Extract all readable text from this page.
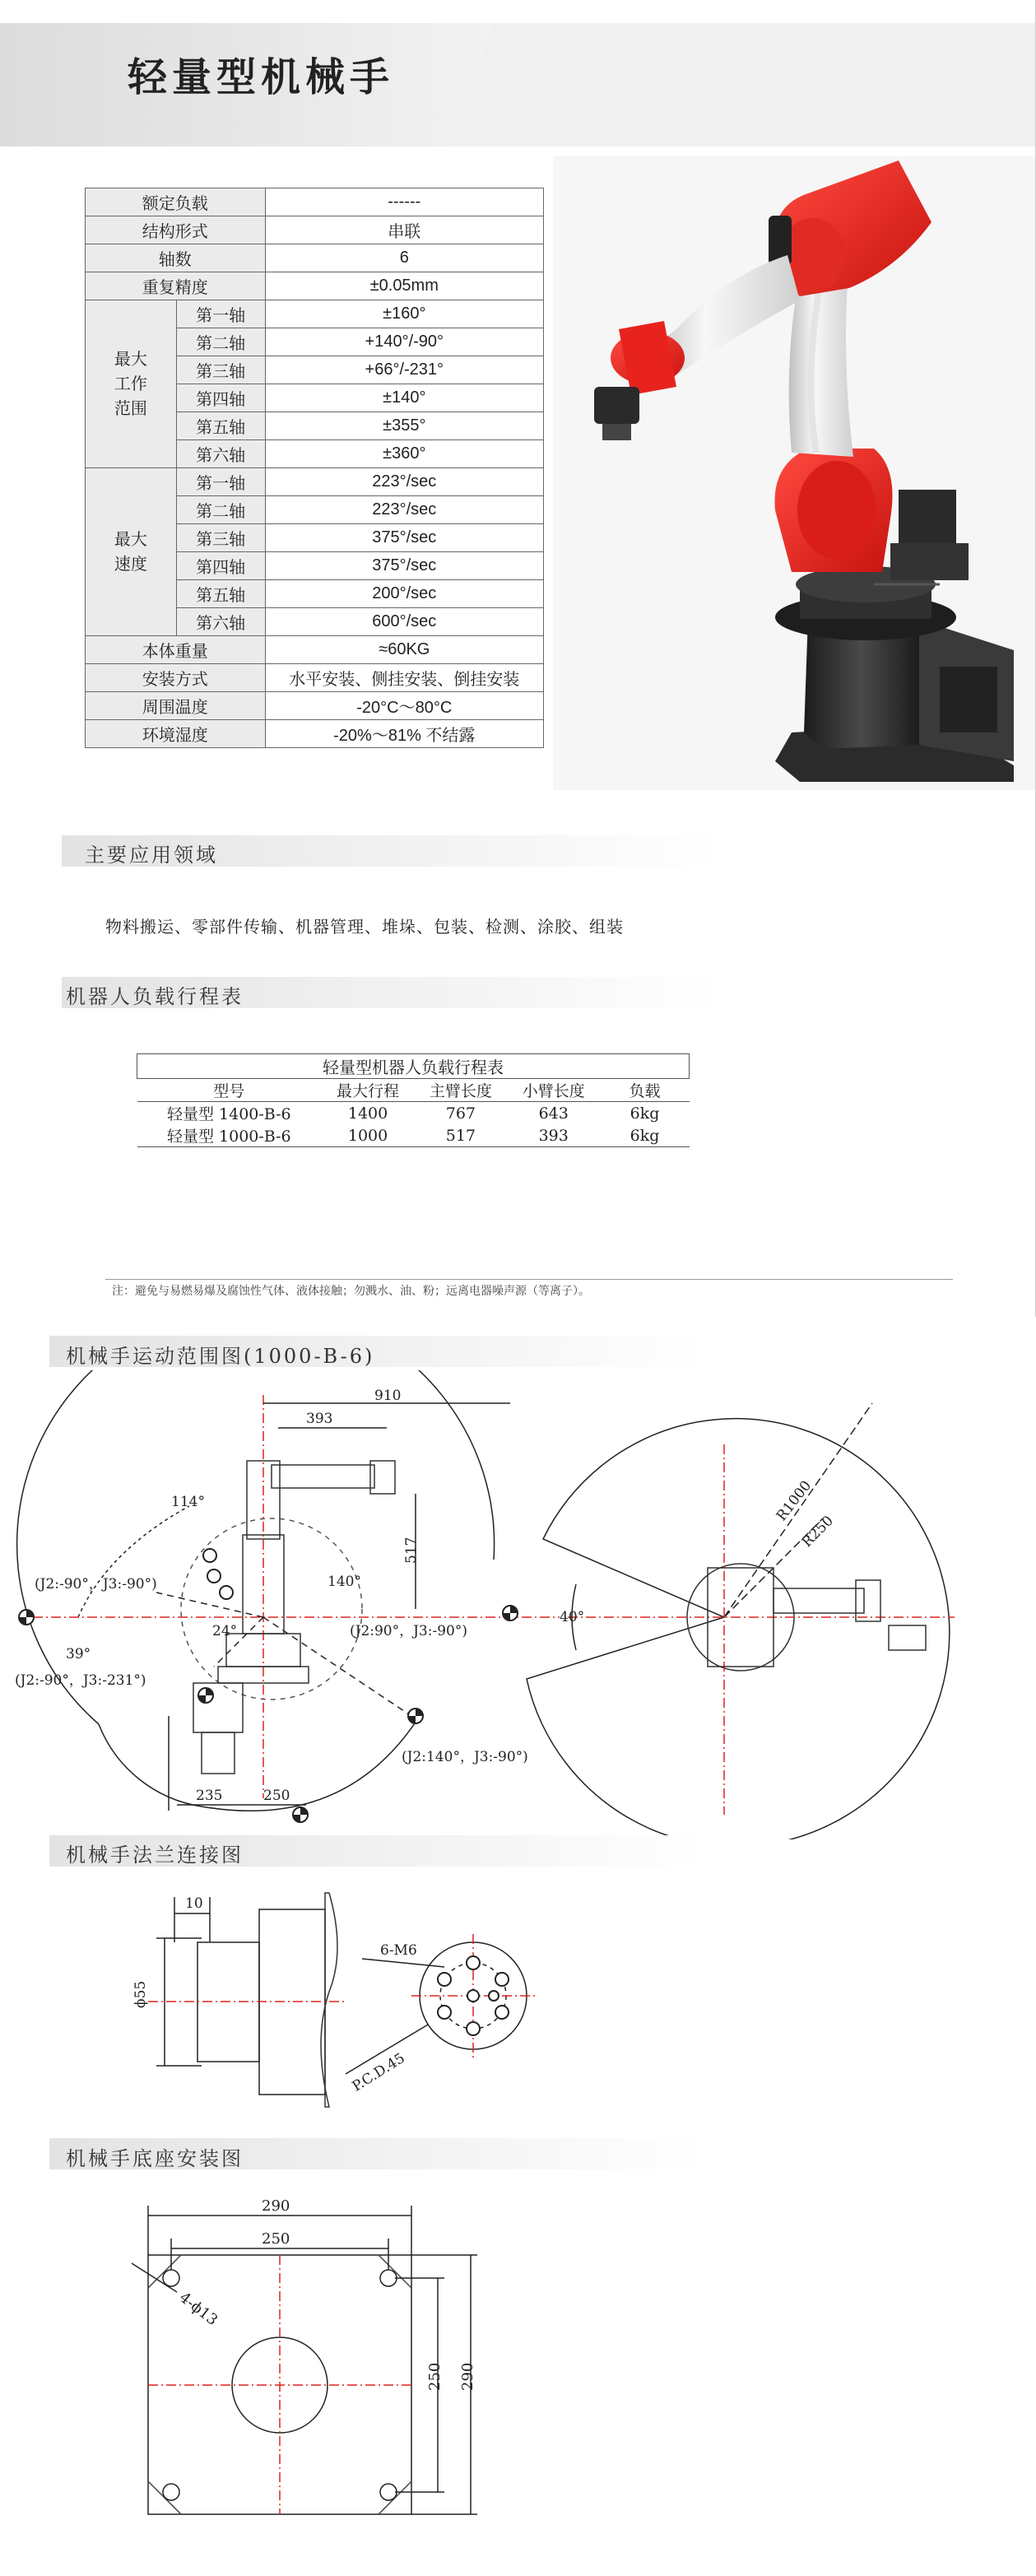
轻量型机械手
额定负载		------
结构形式		串联
轴数		6
重复精度		±0.05mm
最大
工作
范围	第一轴	±160°
	第二轴	+140°/-90°
	第三轴	+66°/-231°
	第四轴	±140°
	第五轴	±355°
	第六轴	±360°
最大
速度	第一轴	223°/sec
	第二轴	223°/sec
	第三轴	375°/sec
	第四轴	375°/sec
	第五轴	200°/sec
	第六轴	600°/sec
本体重量		≈60KG
安装方式		水平安装、侧挂安装、倒挂安装
周围温度		-20°C～80°C
环境湿度		-20%～81% 不结露
主要应用领域
物料搬运、零部件传输、机器管理、堆垛、包装、检测、涂胶、组装
机器人负载行程表
轻量型机器人负载行程表				
型号	最大行程	主臂长度	小臂长度	负载
轻量型 1400-B-6	1400	767	643	6kg
轻量型 1000-B-6	1000	517	393	6kg
注：避免与易燃易爆及腐蚀性气体、液体接触；勿溅水、油、粉；远离电器噪声源（等离子）。
机械手运动范围图(1000-B-6)
910
393
517
235	250
114°
140°
39°
24°
(J2:-90°，J3:-90°)
(J2:-90°，J3:-231°)
(J2:90°，J3:-90°)
(J2:140°，J3:-90°)
R1000
R250
40°
机械手法兰连接图
10
ϕ55
6-M6
P.C.D.45
机械手底座安装图
290
250
4-ϕ13
250 290
